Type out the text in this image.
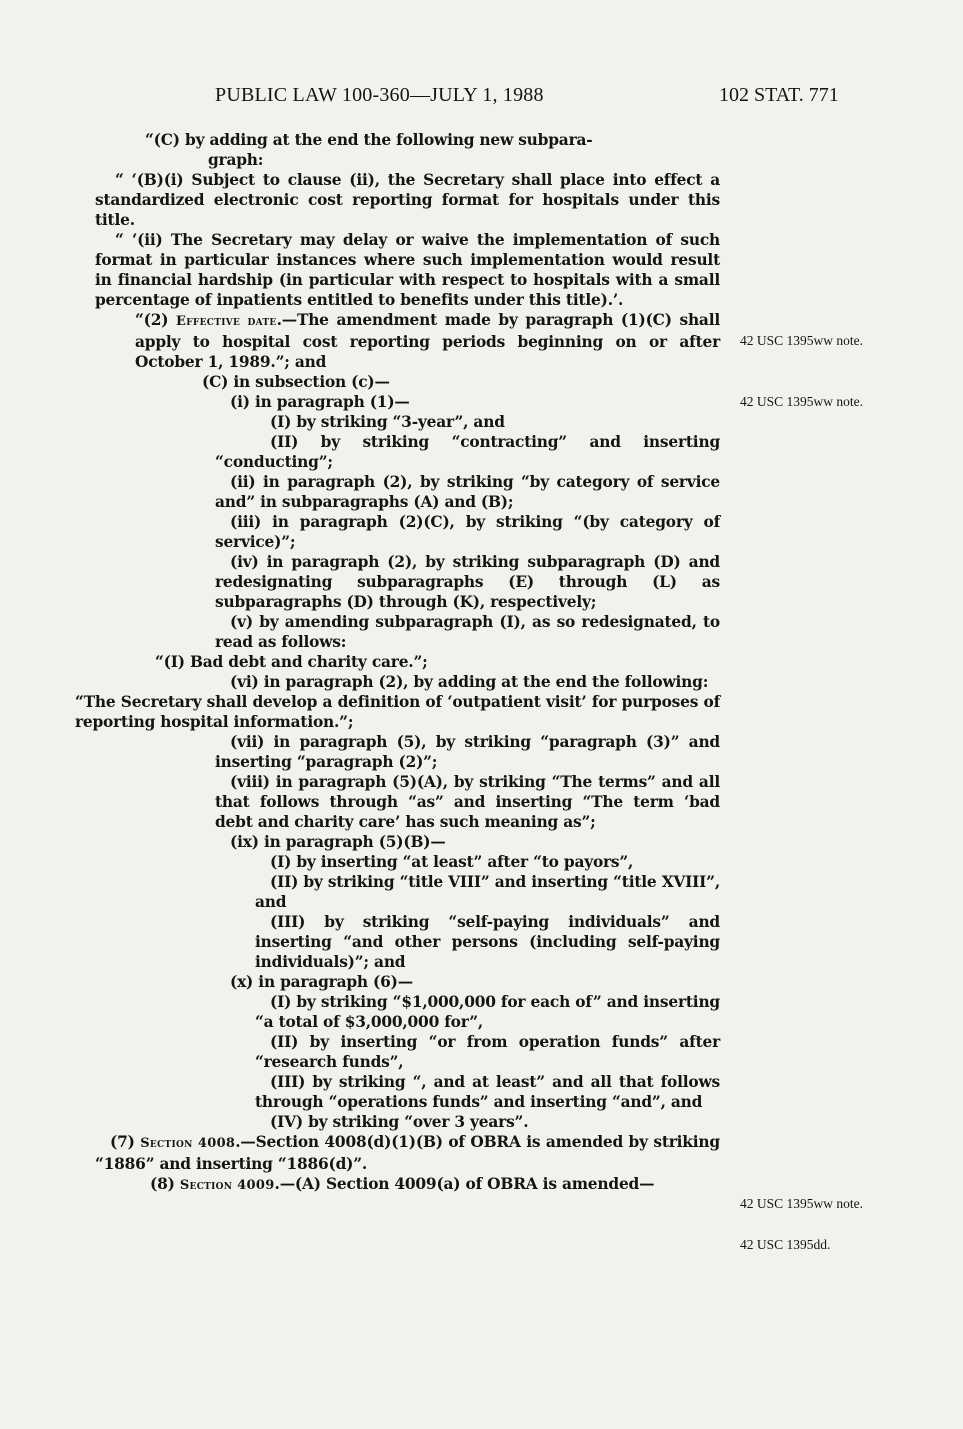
PUBLIC LAW 100-360—JULY 1, 1988	102 STAT. 771

“(C) by adding at the end the following new subpara-

graph:

“ ‘(B)(i) Subject to clause (ii), the Secretary shall place into effect a standardized electronic cost reporting format for hospitals under this title.

“ ‘(ii) The Secretary may delay or waive the implementation of such format in particular instances where such implementation would result in financial hardship (in particular with respect to hospitals with a small percentage of inpatients entitled to benefits under this title).’.

“(2) Effective date.—The amendment made by paragraph (1)(C) shall apply to hospital cost reporting periods beginning on or after October 1, 1989.”; and

(C) in subsection (c)—

(i) in paragraph (1)—

(I) by striking “3-year”, and

(II) by striking “contracting” and inserting “conducting”;

(ii) in paragraph (2), by striking “by category of service and” in subparagraphs (A) and (B);

(iii) in paragraph (2)(C), by striking “(by category of service)”;

(iv) in paragraph (2), by striking subparagraph (D) and redesignating subparagraphs (E) through (L) as subparagraphs (D) through (K), respectively;

(v) by amending subparagraph (I), as so redesignated, to read as follows:

“(I) Bad debt and charity care.”;

(vi) in paragraph (2), by adding at the end the following:

“The Secretary shall develop a definition of ‘outpatient visit’ for purposes of reporting hospital information.”;

(vii) in paragraph (5), by striking “paragraph (3)” and inserting “paragraph (2)”;

(viii) in paragraph (5)(A), by striking “The terms” and all that follows through “as” and inserting “The term ‘bad debt and charity care’ has such meaning as”;

(ix) in paragraph (5)(B)—

(I) by inserting “at least” after “to payors”,

(II) by striking “title VIII” and inserting “title XVIII”, and

(III) by striking “self-paying individuals” and inserting “and other persons (including self-paying individuals)”; and

(x) in paragraph (6)—

(I) by striking “$1,000,000 for each of” and inserting “a total of $3,000,000 for”,

(II) by inserting “or from operation funds” after “research funds”,

(III) by striking “, and at least” and all that follows through “operations funds” and inserting “and”, and

(IV) by striking “over 3 years”.

(7) Section 4008.—Section 4008(d)(1)(B) of OBRA is amended by striking “1886” and inserting “1886(d)”.

(8) Section 4009.—(A) Section 4009(a) of OBRA is amended—

42 USC 1395ww note.
42 USC 1395ww note.
42 USC 1395ww note.
42 USC 1395dd.
